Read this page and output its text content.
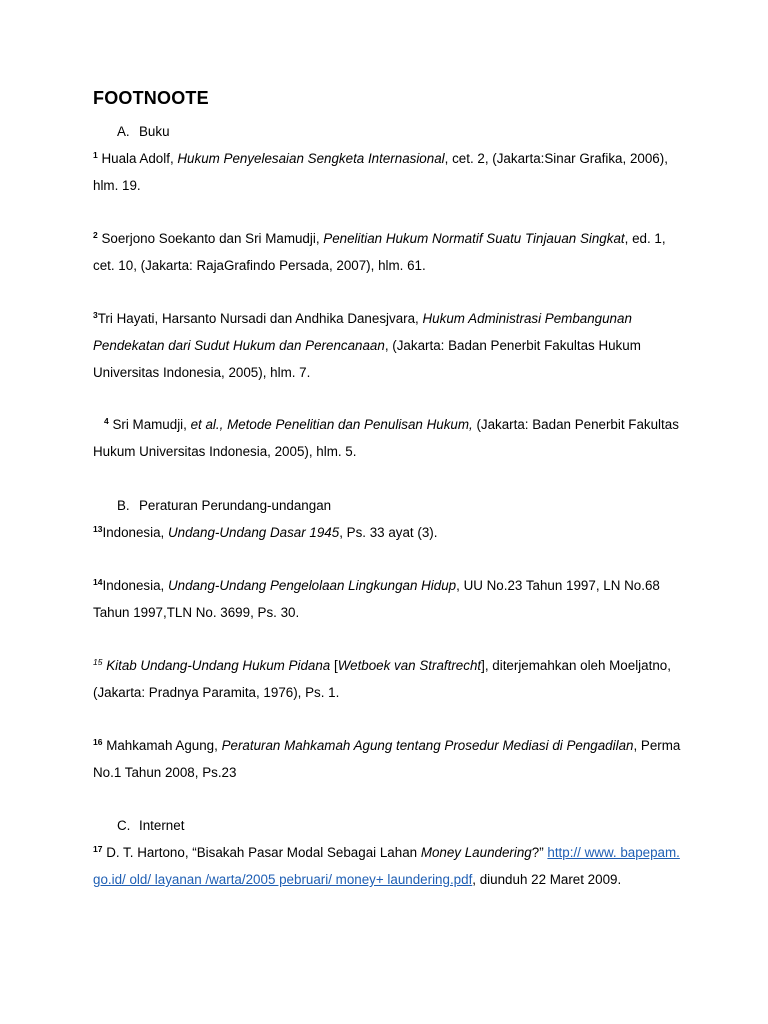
FOOTNOOTE
A. Buku
$^1$ Huala Adolf, Hukum Penyelesaian Sengketa Internasional, cet. 2, (Jakarta:Sinar Grafika, 2006), hlm. 19.
$^2$ Soerjono Soekanto dan Sri Mamudji, Penelitian Hukum Normatif Suatu Tinjauan Singkat, ed. 1, cet. 10, (Jakarta: RajaGrafindo Persada, 2007), hlm. 61.
$^3$Tri Hayati, Harsanto Nursadi dan Andhika Danesjvara, Hukum Administrasi Pembangunan Pendekatan dari Sudut Hukum dan Perencanaan, (Jakarta: Badan Penerbit Fakultas Hukum Universitas Indonesia, 2005), hlm. 7.
$^4$ Sri Mamudji, et al., Metode Penelitian dan Penulisan Hukum, (Jakarta: Badan Penerbit Fakultas Hukum Universitas Indonesia, 2005), hlm. 5.
B. Peraturan Perundang-undangan
$^{13}$Indonesia, Undang-Undang Dasar 1945, Ps. 33 ayat (3).
$^{14}$Indonesia, Undang-Undang Pengelolaan Lingkungan Hidup, UU No.23 Tahun 1997, LN No.68 Tahun 1997,TLN No. 3699, Ps. 30.
$^{15}$ Kitab Undang-Undang Hukum Pidana [Wetboek van Straftrecht], diterjemahkan oleh Moeljatno, (Jakarta: Pradnya Paramita, 1976), Ps. 1.
$^{16}$ Mahkamah Agung, Peraturan Mahkamah Agung tentang Prosedur Mediasi di Pengadilan, Perma No.1 Tahun 2008, Ps.23
C. Internet
$^{17}$ D. T. Hartono, “Bisakah Pasar Modal Sebagai Lahan Money Laundering?” http:// www. bapepam. go.id/ old/ layanan /warta/2005 pebruari/ money+ laundering.pdf, diunduh 22 Maret 2009.
